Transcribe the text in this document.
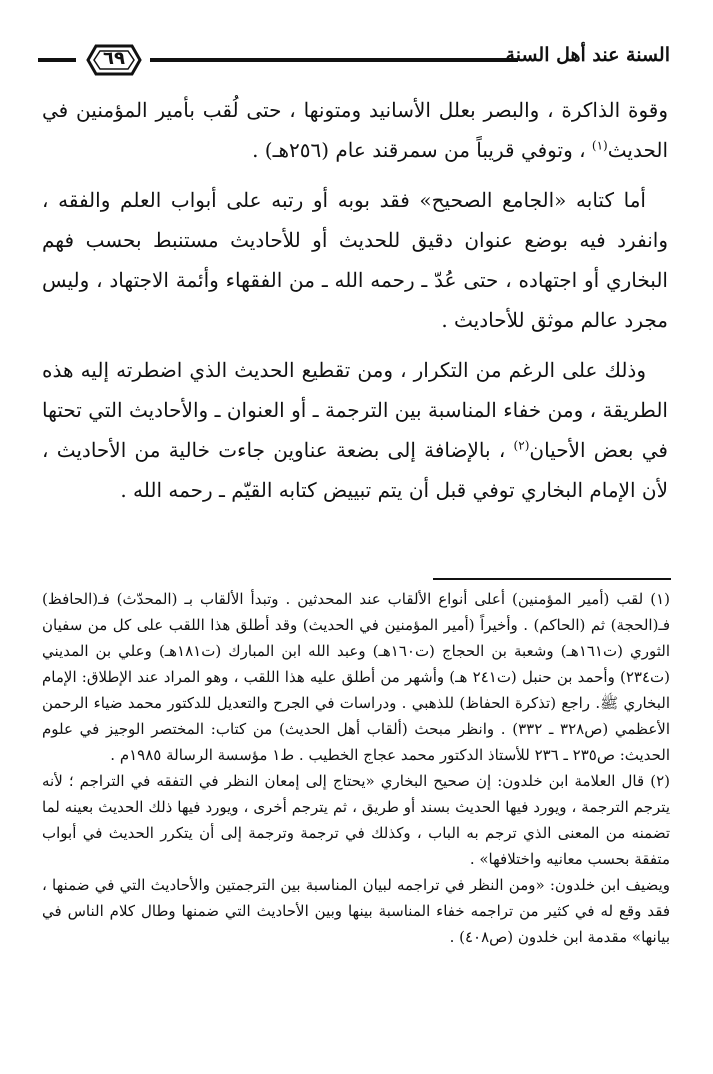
٦٩	السنة عند أهل السنة

وقوة الذاكرة ، والبصر بعلل الأسانيد ومتونها ، حتى لُقب بأمير المؤمنين في الحديث$^{(١)}$ ، وتوفي قريباً من سمرقند عام (٢٥٦هـ) .

أما كتابه «الجامع الصحيح» فقد بوبه أو رتبه على أبواب العلم والفقه ، وانفرد فيه بوضع عنوان دقيق للحديث أو للأحاديث مستنبط بحسب فهم البخاري أو اجتهاده ، حتى عُدّ ـ رحمه الله ـ من الفقهاء وأئمة الاجتهاد ، وليس مجرد عالم موثق للأحاديث .

وذلك على الرغم من التكرار ، ومن تقطيع الحديث الذي اضطرته إليه هذه الطريقة ، ومن خفاء المناسبة بين الترجمة ـ أو العنوان ـ والأحاديث التي تحتها في بعض الأحيان$^{(٢)}$ ، بالإضافة إلى بضعة عناوين جاءت خالية من الأحاديث ، لأن الإمام البخاري توفي قبل أن يتم تبييض كتابه القيّم ـ رحمه الله .

(١) لقب (أمير المؤمنين) أعلى أنواع الألقاب عند المحدثين . وتبدأ الألقاب بـ (المحدّث) فـ(الحافظ) فـ(الحجة) ثم (الحاكم) . وأخيراً (أمير المؤمنين في الحديث) وقد أطلق هذا اللقب على كل من سفيان الثوري (ت١٦١هـ) وشعبة بن الحجاج (ت١٦٠هـ) وعبد الله ابن المبارك (ت١٨١هـ) وعلي بن المديني (ت٢٣٤) وأحمد بن حنبل (ت٢٤١ هـ) وأشهر من أطلق عليه هذا اللقب ، وهو المراد عند الإطلاق: الإمام البخاري ﷺ. راجع (تذكرة الحفاظ) للذهبي . ودراسات في الجرح والتعديل للدكتور محمد ضياء الرحمن الأعظمي (ص٣٢٨ ـ ٣٣٢) . وانظر مبحث (ألقاب أهل الحديث) من كتاب: المختصر الوجيز في علوم الحديث: ص٢٣٥ ـ ٢٣٦ للأستاذ الدكتور محمد عجاج الخطيب . ط١ مؤسسة الرسالة ١٩٨٥م .

(٢) قال العلامة ابن خلدون: إن صحيح البخاري «يحتاج إلى إمعان النظر في التفقه في التراجم ؛ لأنه يترجم الترجمة ، ويورد فيها الحديث بسند أو طريق ، ثم يترجم أخرى ، ويورد فيها ذلك الحديث بعينه لما تضمنه من المعنى الذي ترجم به الباب ، وكذلك في ترجمة وترجمة إلى أن يتكرر الحديث في أبواب متفقة بحسب معانيه واختلافها» .

ويضيف ابن خلدون: «ومن النظر في تراجمه لبيان المناسبة بين الترجمتين والأحاديث التي في ضمنها ، فقد وقع له في كثير من تراجمه خفاء المناسبة بينها وبين الأحاديث التي ضمنها وطال كلام الناس في بيانها» مقدمة ابن خلدون (ص٤٠٨) .
